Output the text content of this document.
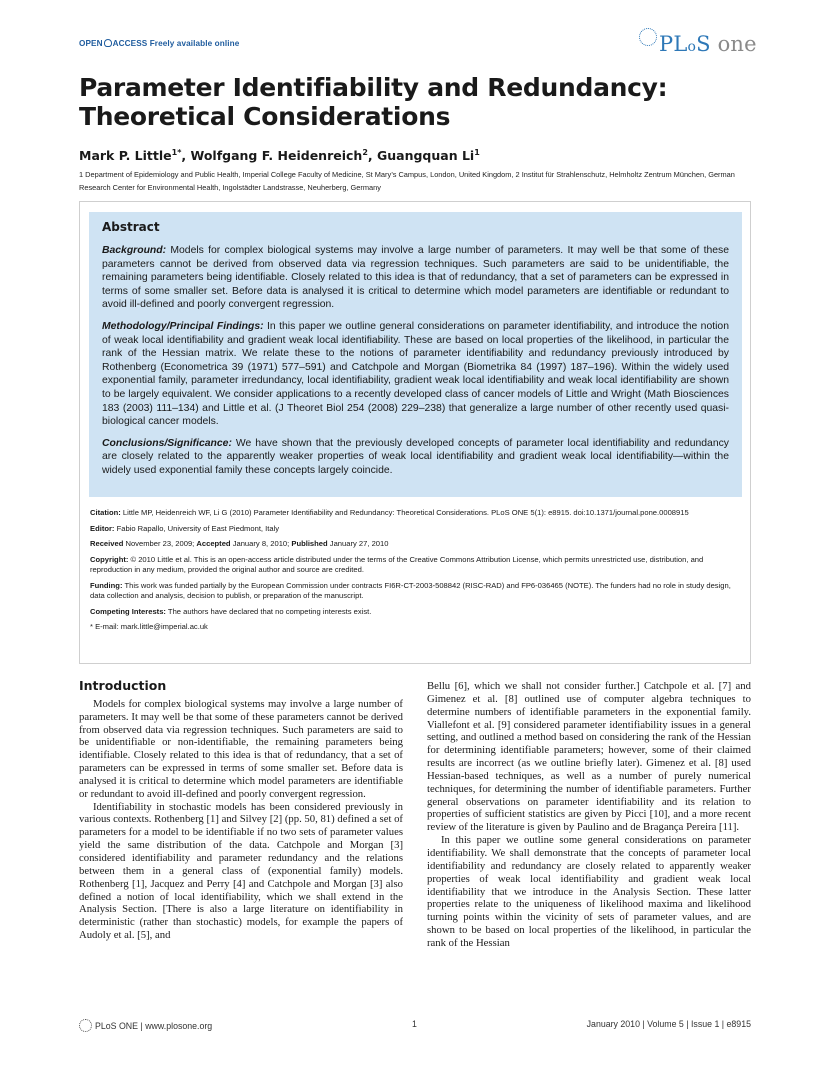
OPEN ACCESS Freely available online	PLoS one
Parameter Identifiability and Redundancy: Theoretical Considerations
Mark P. Little$^{1*}$, Wolfgang F. Heidenreich$^2$, Guangquan Li$^1$
1 Department of Epidemiology and Public Health, Imperial College Faculty of Medicine, St Mary’s Campus, London, United Kingdom, 2 Institut für Strahlenschutz, Helmholtz Zentrum München, German Research Center for Environmental Health, Ingolstädter Landstrasse, Neuherberg, Germany
Abstract

Background: Models for complex biological systems may involve a large number of parameters. It may well be that some of these parameters cannot be derived from observed data via regression techniques. Such parameters are said to be unidentifiable, the remaining parameters being identifiable. Closely related to this idea is that of redundancy, that a set of parameters can be expressed in terms of some smaller set. Before data is analysed it is critical to determine which model parameters are identifiable or redundant to avoid ill-defined and poorly convergent regression.

Methodology/Principal Findings: In this paper we outline general considerations on parameter identifiability, and introduce the notion of weak local identifiability and gradient weak local identifiability. These are based on local properties of the likelihood, in particular the rank of the Hessian matrix. We relate these to the notions of parameter identifiability and redundancy previously introduced by Rothenberg (Econometrica 39 (1971) 577–591) and Catchpole and Morgan (Biometrika 84 (1997) 187–196). Within the widely used exponential family, parameter irredundancy, local identifiability, gradient weak local identifiability and weak local identifiability are shown to be largely equivalent. We consider applications to a recently developed class of cancer models of Little and Wright (Math Biosciences 183 (2003) 111–134) and Little et al. (J Theoret Biol 254 (2008) 229–238) that generalize a large number of other recently used quasi-biological cancer models.

Conclusions/Significance: We have shown that the previously developed concepts of parameter local identifiability and redundancy are closely related to the apparently weaker properties of weak local identifiability and gradient weak local identifiability—within the widely used exponential family these concepts largely coincide.

Citation: Little MP, Heidenreich WF, Li G (2010) Parameter Identifiability and Redundancy: Theoretical Considerations. PLoS ONE 5(1): e8915. doi:10.1371/journal.pone.0008915

Editor: Fabio Rapallo, University of East Piedmont, Italy

Received November 23, 2009; Accepted January 8, 2010; Published January 27, 2010

Copyright: © 2010 Little et al. This is an open-access article distributed under the terms of the Creative Commons Attribution License, which permits unrestricted use, distribution, and reproduction in any medium, provided the original author and source are credited.

Funding: This work was funded partially by the European Commission under contracts FI6R-CT-2003-508842 (RISC-RAD) and FP6-036465 (NOTE). The funders had no role in study design, data collection and analysis, decision to publish, or preparation of the manuscript.

Competing Interests: The authors have declared that no competing interests exist.

* E-mail: mark.little@imperial.ac.uk

Introduction

Models for complex biological systems may involve a large number of parameters. It may well be that some of these parameters cannot be derived from observed data via regression techniques. Such parameters are said to be unidentifiable or non-identifiable, the remaining parameters being identifiable. Closely related to this idea is that of redundancy, that a set of parameters can be expressed in terms of some smaller set. Before data is analysed it is critical to determine which model parameters are identifiable or redundant to avoid ill-defined and poorly convergent regression.

Identifiability in stochastic models has been considered previously in various contexts. Rothenberg [1] and Silvey [2] (pp. 50, 81) defined a set of parameters for a model to be identifiable if no two sets of parameter values yield the same distribution of the data. Catchpole and Morgan [3] considered identifiability and parameter redundancy and the relations between them in a general class of (exponential family) models. Rothenberg [1], Jacquez and Perry [4] and Catchpole and Morgan [3] also defined a notion of local identifiability, which we shall extend in the Analysis Section. [There is also a large literature on identifiability in deterministic (rather than stochastic) models, for example the papers of Audoly et al. [5], and

Bellu [6], which we shall not consider further.] Catchpole et al. [7] and Gimenez et al. [8] outlined use of computer algebra techniques to determine numbers of identifiable parameters in the exponential family. Viallefont et al. [9] considered parameter identifiability issues in a general setting, and outlined a method based on considering the rank of the Hessian for determining identifiable parameters; however, some of their claimed results are incorrect (as we outline briefly later). Gimenez et al. [8] used Hessian-based techniques, as well as a number of purely numerical techniques, for determining the number of identifiable parameters. Further general observations on parameter identifiability and its relation to properties of sufficient statistics are given by Picci [10], and a more recent review of the literature is given by Paulino and de Bragança Pereira [11].

In this paper we outline some general considerations on parameter identifiability. We shall demonstrate that the concepts of parameter local identifiability and redundancy are closely related to apparently weaker properties of weak local identifiability and gradient weak local identifiability that we introduce in the Analysis Section. These latter properties relate to the uniqueness of likelihood maxima and likelihood turning points within the vicinity of sets of parameter values, and are shown to be based on local properties of the likelihood, in particular the rank of the Hessian

PLoS ONE | www.plosone.org	1	January 2010 | Volume 5 | Issue 1 | e8915
